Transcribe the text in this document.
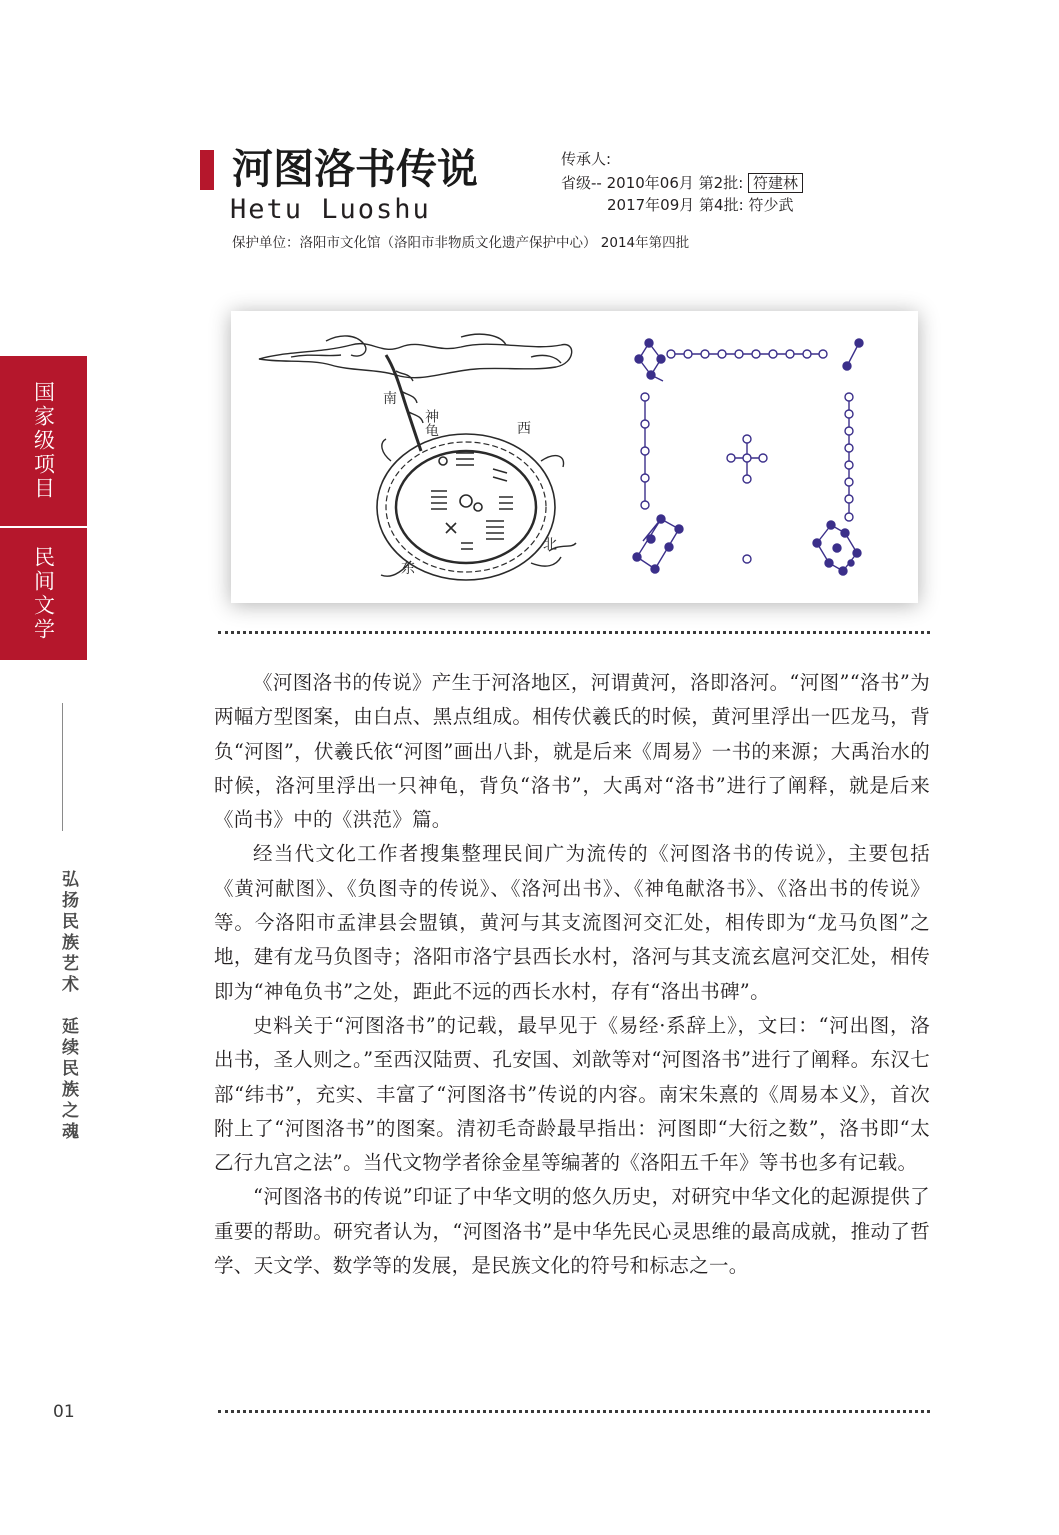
国家级项目
民间文学
弘扬民族艺术　延续民族之魂
01
河图洛书传说
Hetu Luoshu
传承人:
省级-- 2010年06月 第2批: 符建林
2017年09月 第4批: 符少武
保护单位：洛阳市文化馆（洛阳市非物质文化遗产保护中心） 2014年第四批
南
神龟	西
北
东

《河图洛书的传说》产生于河洛地区，河谓黄河，洛即洛河。“河图”“洛书”为两幅方型图案，由白点、黑点组成。相传伏羲氏的时候，黄河里浮出一匹龙马，背负“河图”，伏羲氏依“河图”画出八卦，就是后来《周易》一书的来源；大禹治水的时候，洛河里浮出一只神龟，背负“洛书”，大禹对“洛书”进行了阐释，就是后来《尚书》中的《洪范》篇。

经当代文化工作者搜集整理民间广为流传的《河图洛书的传说》，主要包括《黄河献图》、《负图寺的传说》、《洛河出书》、《神龟献洛书》、《洛出书的传说》等。今洛阳市孟津县会盟镇，黄河与其支流图河交汇处，相传即为“龙马负图”之地，建有龙马负图寺；洛阳市洛宁县西长水村，洛河与其支流玄扈河交汇处，相传即为“神龟负书”之处，距此不远的西长水村，存有“洛出书碑”。

史料关于“河图洛书”的记载，最早见于《易经·系辞上》，文曰：“河出图，洛出书，圣人则之。”至西汉陆贾、孔安国、刘歆等对“河图洛书”进行了阐释。东汉七部“纬书”，充实、丰富了“河图洛书”传说的内容。南宋朱熹的《周易本义》，首次附上了“河图洛书”的图案。清初毛奇龄最早指出：河图即“大衍之数”，洛书即“太乙行九宫之法”。当代文物学者徐金星等编著的《洛阳五千年》等书也多有记载。

“河图洛书的传说”印证了中华文明的悠久历史，对研究中华文化的起源提供了重要的帮助。研究者认为，“河图洛书”是中华先民心灵思维的最高成就，推动了哲学、天文学、数学等的发展，是民族文化的符号和标志之一。
